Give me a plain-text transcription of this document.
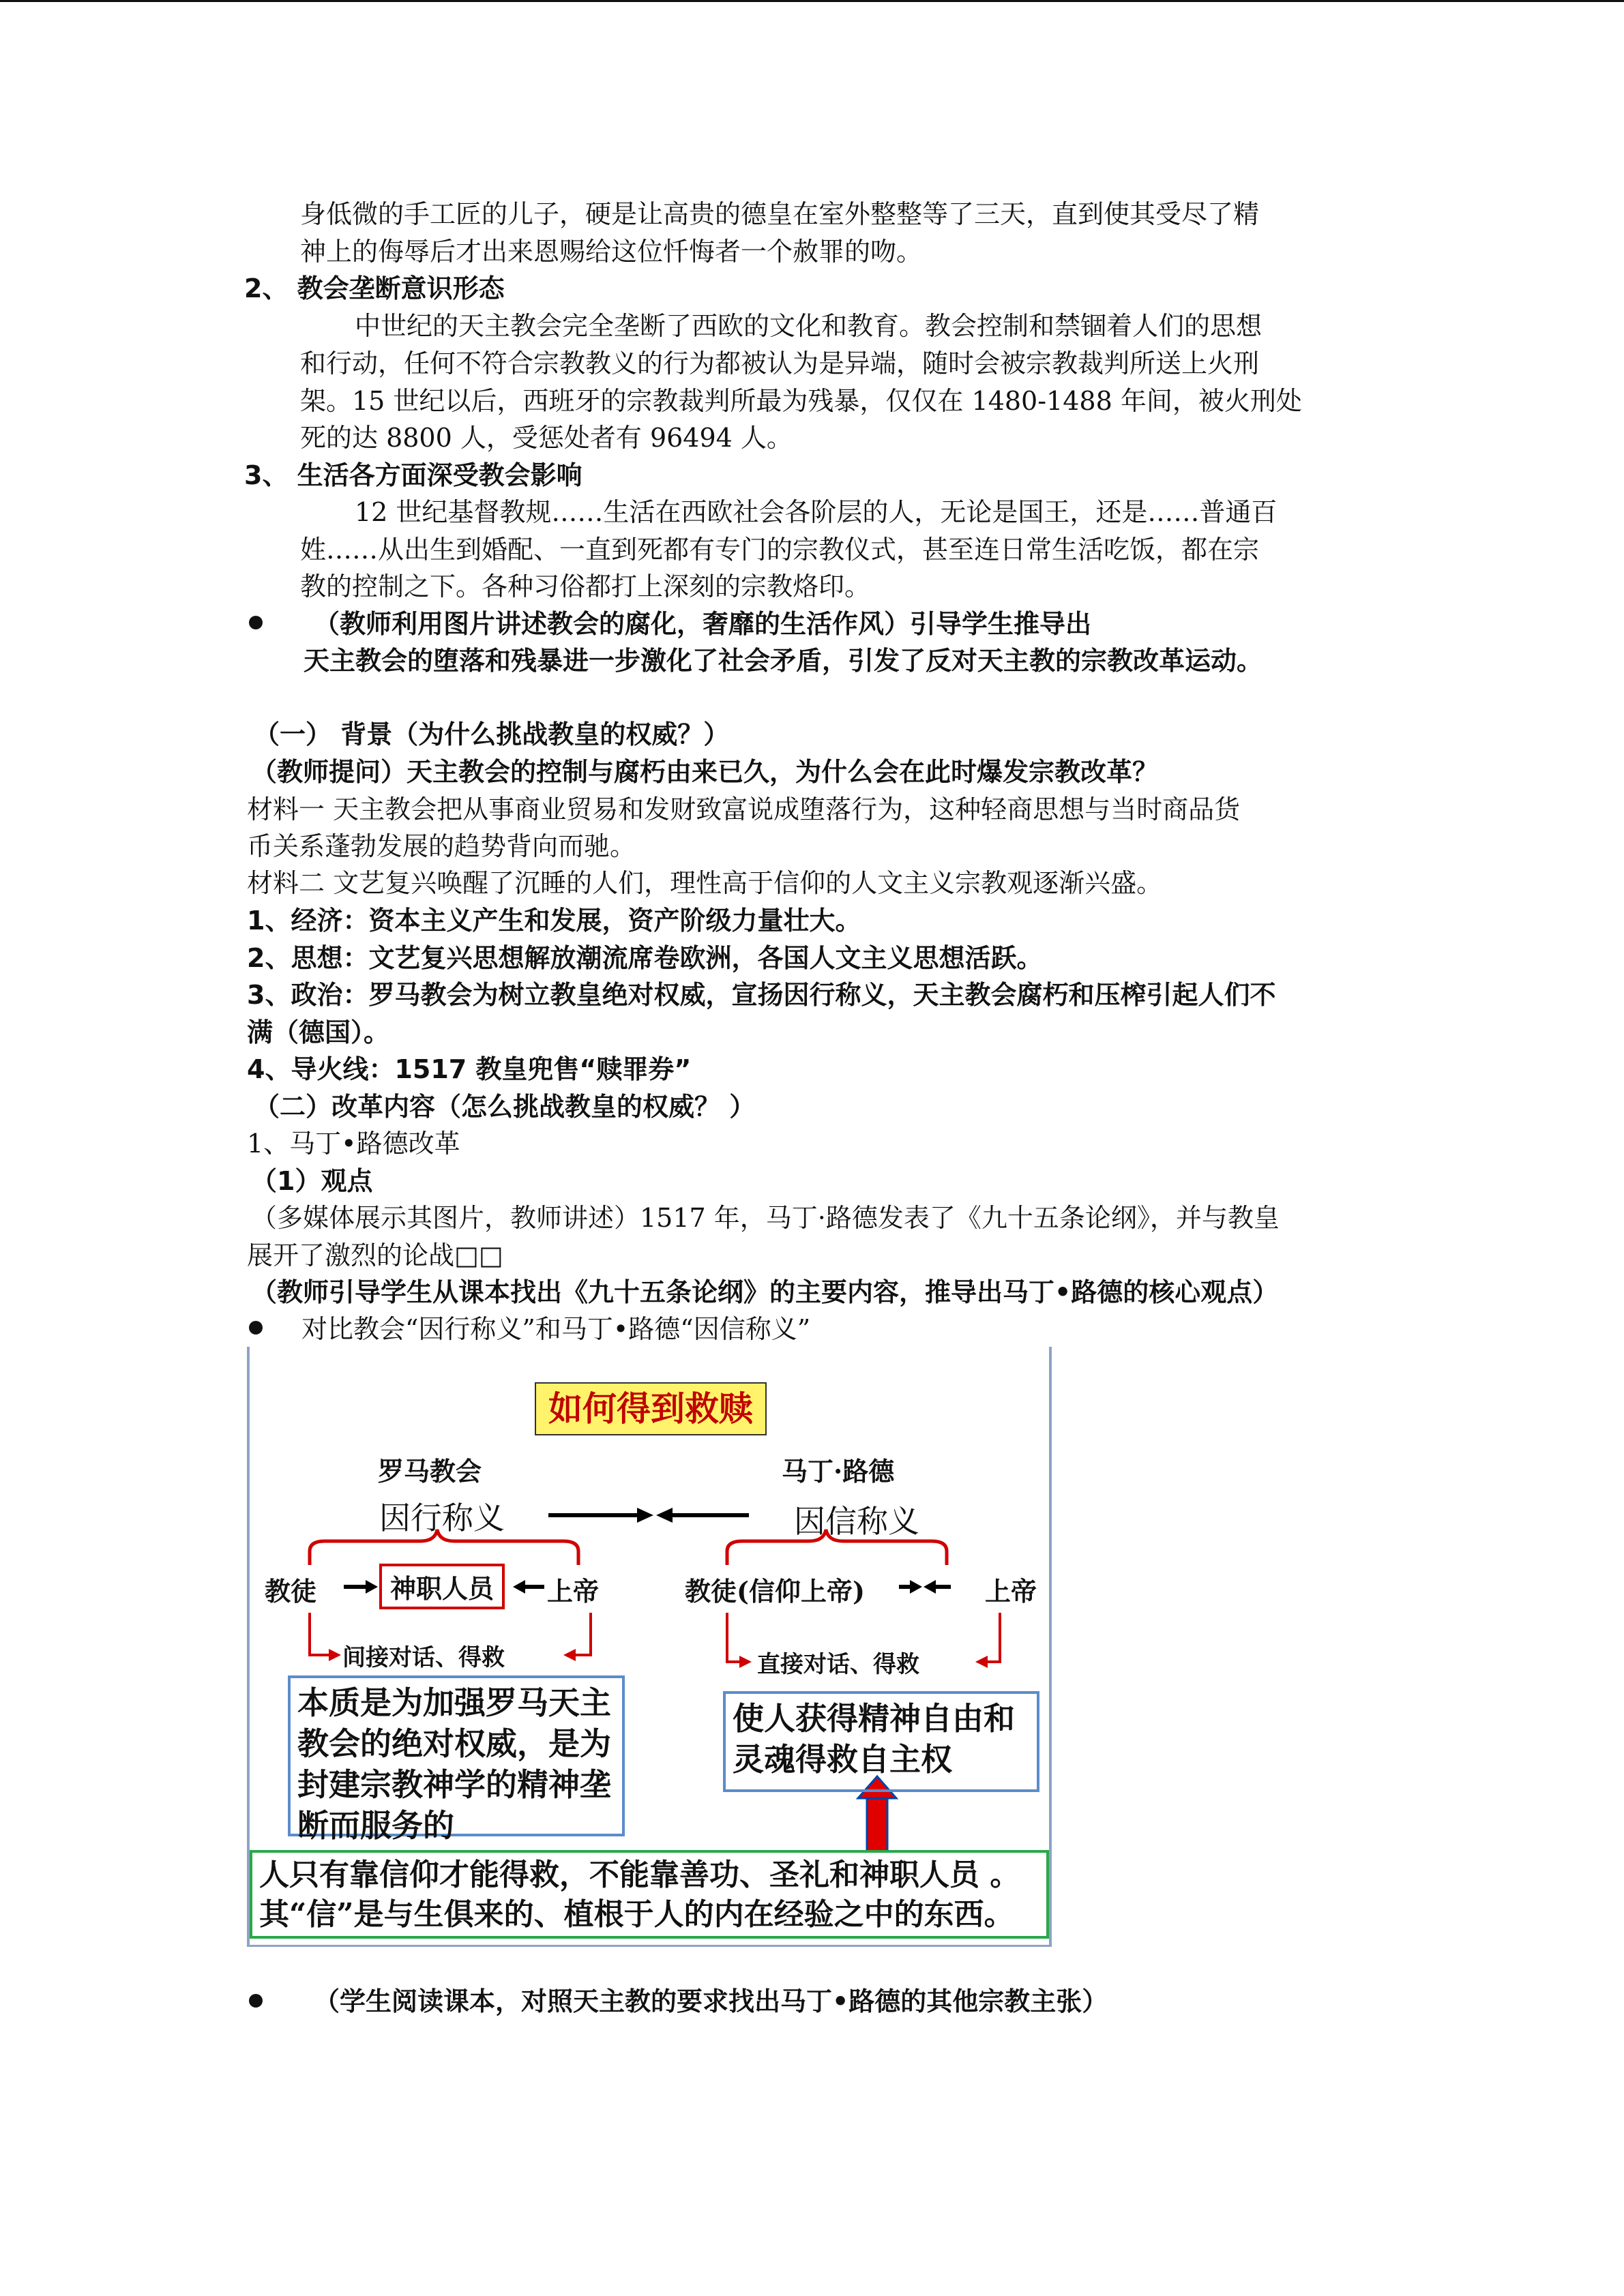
身低微的手工匠的儿子，硬是让高贵的德皇在室外整整等了三天，直到使其受尽了精
神上的侮辱后才出来恩赐给这位忏悔者一个赦罪的吻。
2、 教会垄断意识形态
中世纪的天主教会完全垄断了西欧的文化和教育。教会控制和禁锢着人们的思想
和行动，任何不符合宗教教义的行为都被认为是异端，随时会被宗教裁判所送上火刑
架。15 世纪以后，西班牙的宗教裁判所最为残暴，仅仅在 1480-1488 年间，被火刑处
死的达 8800 人，受惩处者有 96494 人。
3、 生活各方面深受教会影响
12 世纪基督教规……生活在西欧社会各阶层的人，无论是国王，还是……普通百
姓……从出生到婚配、一直到死都有专门的宗教仪式，甚至连日常生活吃饭，都在宗
教的控制之下。各种习俗都打上深刻的宗教烙印。
（教师利用图片讲述教会的腐化，奢靡的生活作风）引导学生推导出
天主教会的堕落和残暴进一步激化了社会矛盾，引发了反对天主教的宗教改革运动。
（一） 背景（为什么挑战教皇的权威？）
（教师提问）天主教会的控制与腐朽由来已久，为什么会在此时爆发宗教改革？
材料一 天主教会把从事商业贸易和发财致富说成堕落行为，这种轻商思想与当时商品货
币关系蓬勃发展的趋势背向而驰。
材料二 文艺复兴唤醒了沉睡的人们，理性高于信仰的人文主义宗教观逐渐兴盛。
1、经济：资本主义产生和发展，资产阶级力量壮大。
2、思想：文艺复兴思想解放潮流席卷欧洲，各国人文主义思想活跃。
3、政治：罗马教会为树立教皇绝对权威，宣扬因行称义，天主教会腐朽和压榨引起人们不
满（德国）。
4、导火线：1517 教皇兜售“赎罪券”
（二）改革内容（怎么挑战教皇的权威？ ）
1、马丁•路德改革
（1）观点
（多媒体展示其图片，教师讲述）1517 年，马丁·路德发表了《九十五条论纲》，并与教皇
展开了激烈的论战□□
（教师引导学生从课本找出《九十五条论纲》的主要内容，推导出马丁•路德的核心观点）
对比教会“因行称义”和马丁•路德“因信称义”
如何得到救赎
罗马教会	马丁·路德
因行称义	因信称义
教徒	神职人员	上帝	教徒(信仰上帝)	上帝
间接对话、得救	直接对话、得救
本质是为加强罗马天主教会的绝对权威，是为封建宗教神学的精神垄断而服务的
使人获得精神自由和灵魂得救自主权
人只有靠信仰才能得救，不能靠善功、圣礼和神职人员 。
其“信”是与生俱来的、植根于人的内在经验之中的东西。
（学生阅读课本，对照天主教的要求找出马丁•路德的其他宗教主张）
